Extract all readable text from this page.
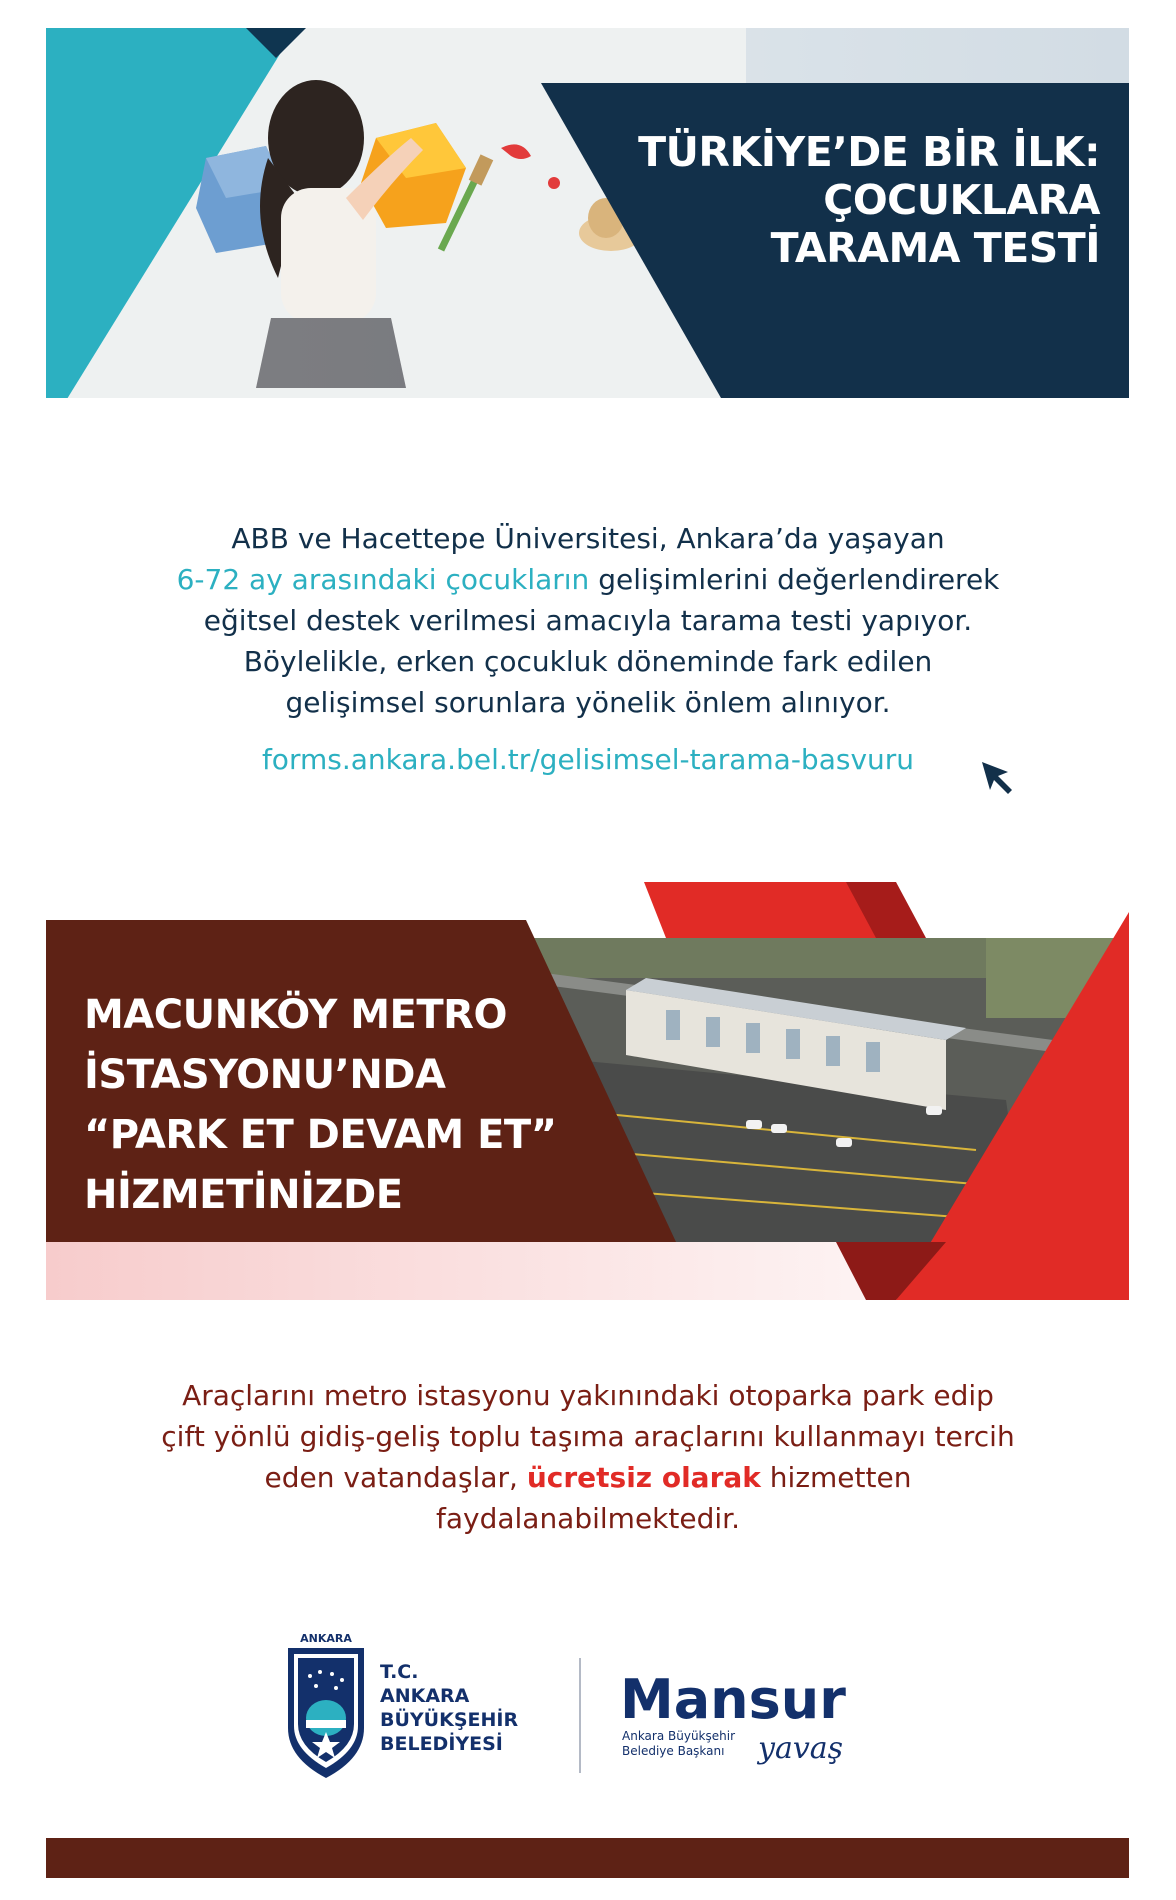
TÜRKİYE’DE BİR İLK:
ÇOCUKLARA
TARAMA TESTİ
ABB ve Hacettepe Üniversitesi, Ankara’da yaşayan
6-72 ay arasındaki çocukların gelişimlerini değerlendirerek
eğitsel destek verilmesi amacıyla tarama testi yapıyor.
Böylelikle, erken çocukluk döneminde fark edilen
gelişimsel sorunlara yönelik önlem alınıyor.
forms.ankara.bel.tr/gelisimsel-tarama-basvuru
MACUNKÖY METRO
İSTASYONU’NDA
“PARK ET DEVAM ET”
HİZMETİNİZDE
Araçlarını metro istasyonu yakınındaki otoparka park edip
çift yönlü gidiş-geliş toplu taşıma araçlarını kullanmayı tercih
eden vatandaşlar, ücretsiz olarak hizmetten
faydalanabilmektedir.
ANKARA
T.C.
ANKARA
BÜYÜKŞEHİR
BELEDİYESİ
Mansur
Ankara Büyükşehir
Belediye Başkanı yavaş
